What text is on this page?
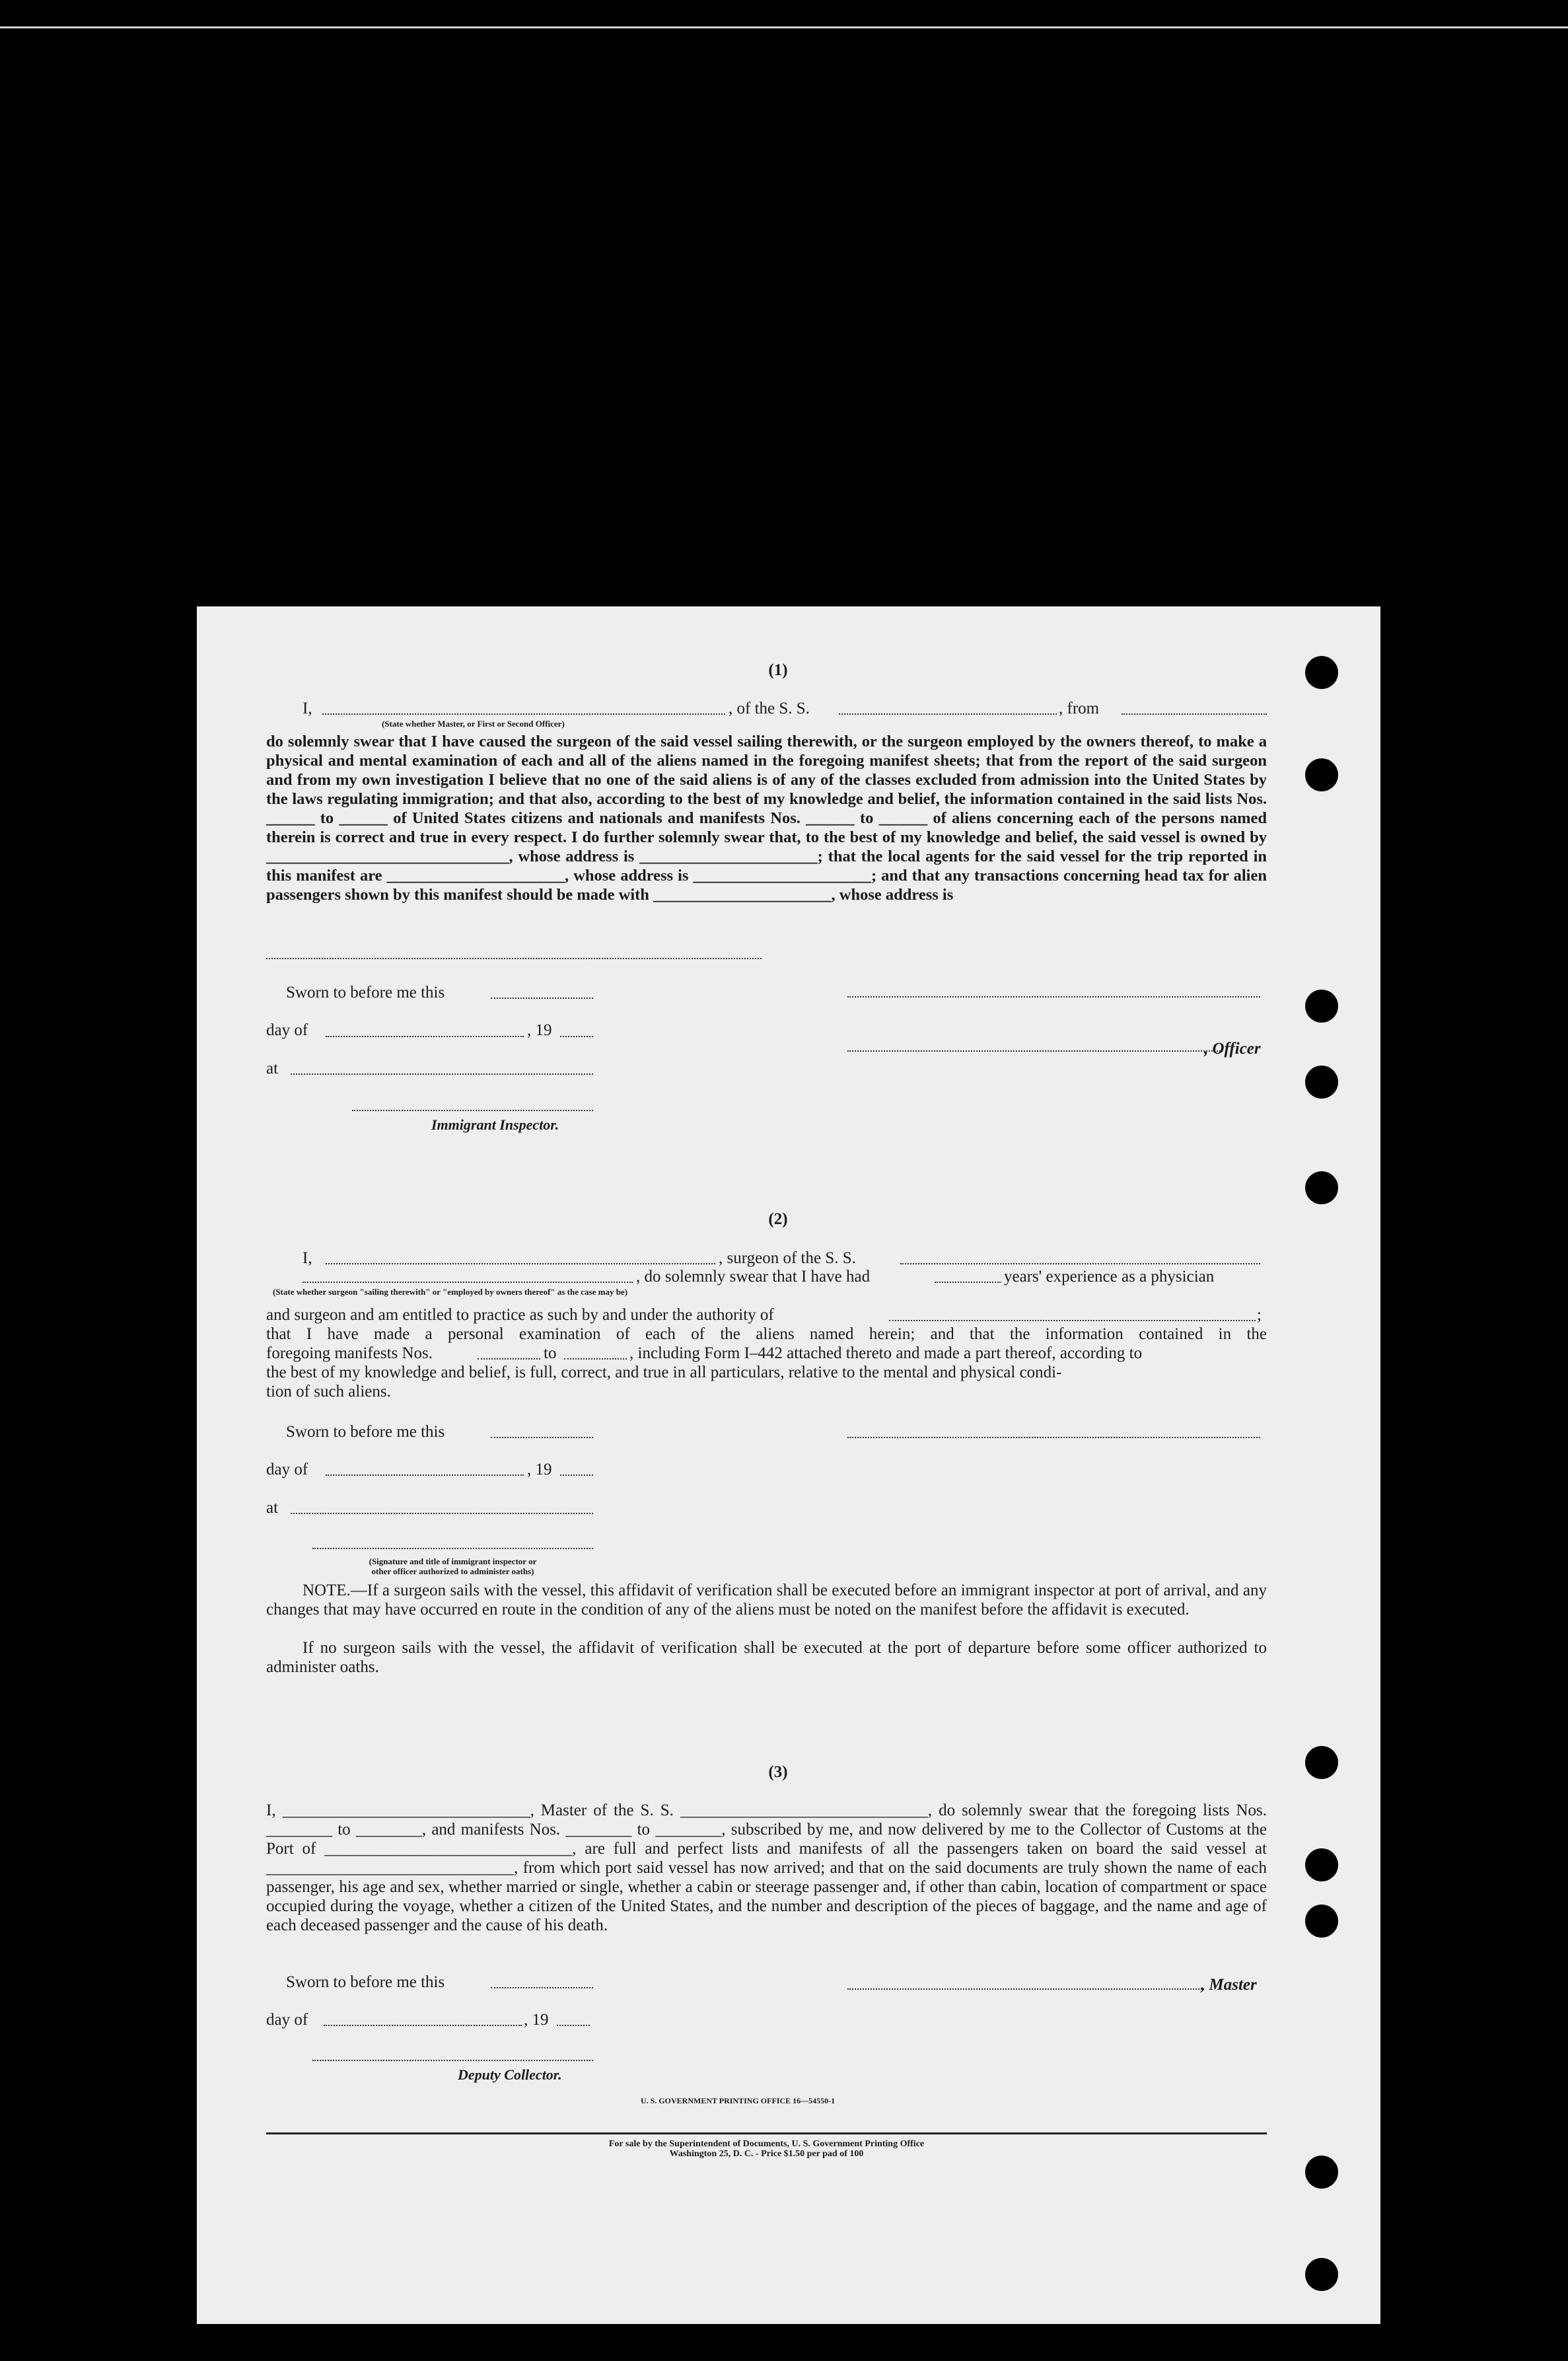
(1)
I,	, of the S. S.	, from
(State whether Master, or First or Second Officer)
do solemnly swear that I have caused the surgeon of the said vessel sailing therewith, or the surgeon employed by the owners thereof, to make a physical and mental examination of each and all of the aliens named in the foregoing manifest sheets; that from the report of the said surgeon and from my own investigation I believe that no one of the said aliens is of any of the classes excluded from admission into the United States by the laws regulating immigration; and that also, according to the best of my knowledge and belief, the information contained in the said lists Nos. ______ to ______ of United States citizens and nationals and manifests Nos. ______ to ______ of aliens concerning each of the persons named therein is correct and true in every respect. I do further solemnly swear that, to the best of my knowledge and belief, the said vessel is owned by ______________________________, whose address is ______________________; that the local agents for the said vessel for the trip reported in this manifest are ______________________, whose address is ______________________; and that any transactions concerning head tax for alien passengers shown by this manifest should be made with ______________________, whose address is
Sworn to before me this
day of	, 19
at
Immigrant Inspector.
, Officer
(2)
I,	, surgeon of the S. S.
, do solemnly swear that I have had	years' experience as a physician
(State whether surgeon "sailing therewith" or "employed by owners thereof" as the case may be)
and surgeon and am entitled to practice as such by and under the authority of	;
that I have made a personal examination of each of the aliens named herein; and that the information contained in the
foregoing manifests Nos.	to	, including Form I–442 attached thereto and made a part thereof, according to
the best of my knowledge and belief, is full, correct, and true in all particulars, relative to the mental and physical condi-
tion of such aliens.
Sworn to before me this
day of	, 19
at
(Signature and title of immigrant inspector or
other officer authorized to administer oaths)
NOTE.—If a surgeon sails with the vessel, this affidavit of verification shall be executed before an immigrant inspector at port of arrival, and any changes that may have occurred en route in the condition of any of the aliens must be noted on the manifest before the affidavit is executed.
If no surgeon sails with the vessel, the affidavit of verification shall be executed at the port of departure before some officer authorized to administer oaths.
(3)
I, ______________________________, Master of the S. S. ______________________________, do solemnly swear that the foregoing lists Nos. ________ to ________, and manifests Nos. ________ to ________, subscribed by me, and now delivered by me to the Collector of Customs at the Port of ______________________________, are full and perfect lists and manifests of all the passengers taken on board the said vessel at ______________________________, from which port said vessel has now arrived; and that on the said documents are truly shown the name of each passenger, his age and sex, whether married or single, whether a cabin or steerage passenger and, if other than cabin, location of compartment or space occupied during the voyage, whether a citizen of the United States, and the number and description of the pieces of baggage, and the name and age of each deceased passenger and the cause of his death.
Sworn to before me this	, Master
day of	, 19
Deputy Collector.
U. S. GOVERNMENT PRINTING OFFICE 16—54550-1
For sale by the Superintendent of Documents, U. S. Government Printing Office
Washington 25, D. C. - Price $1.50 per pad of 100
